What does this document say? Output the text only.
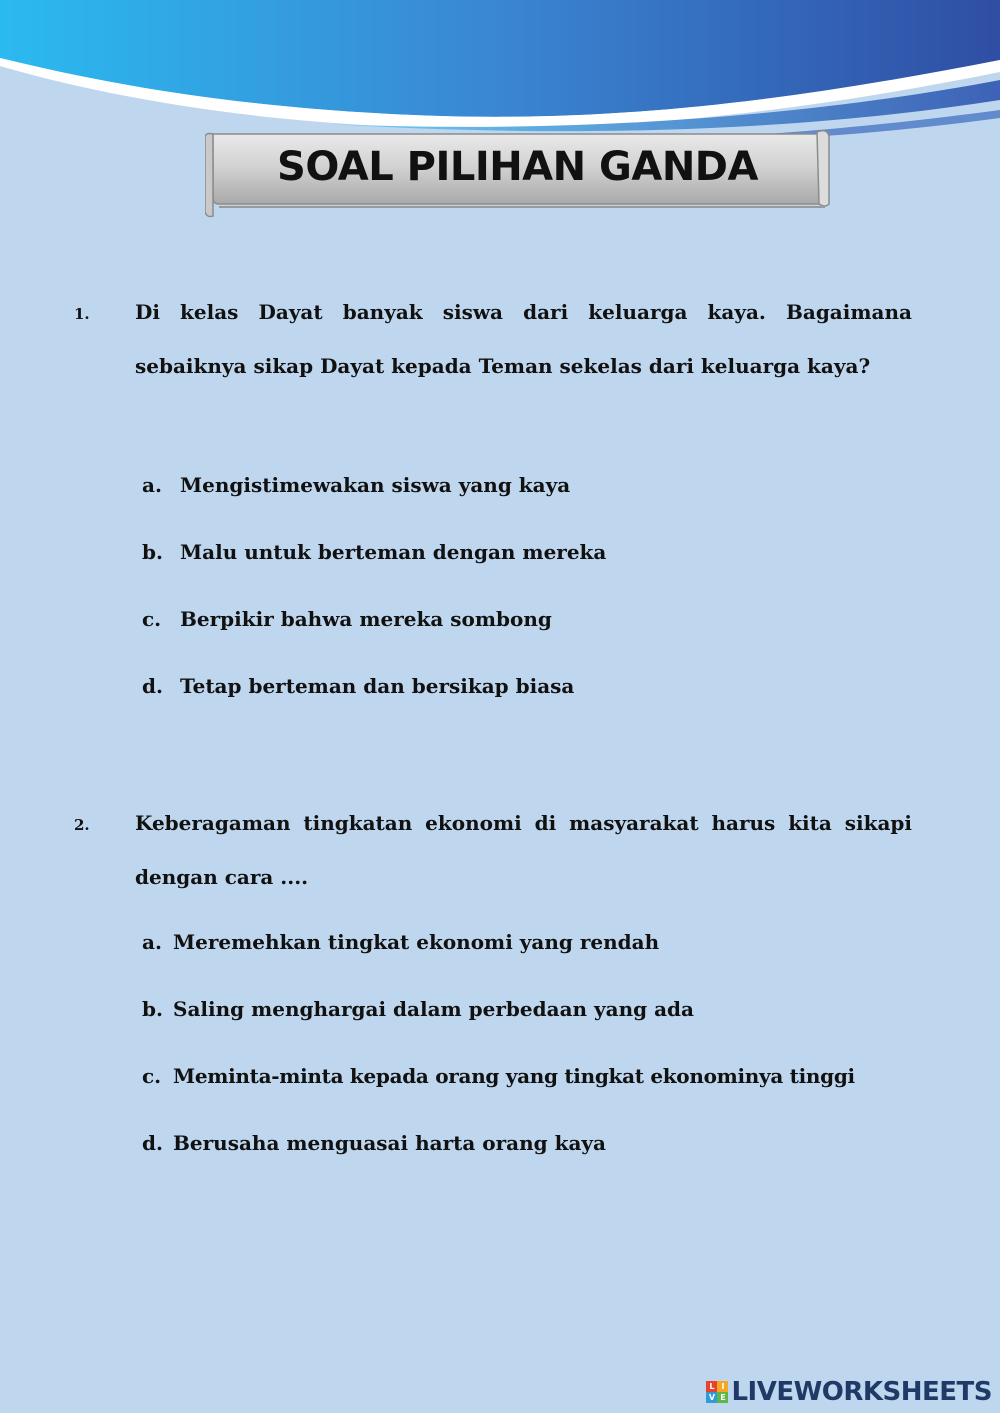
SOAL PILIHAN GANDA
1. Di kelas Dayat banyak siswa dari keluarga kaya. Bagaimana sebaiknya sikap Dayat kepada Teman sekelas dari keluarga kaya?
a. Mengistimewakan siswa yang kaya
b. Malu untuk berteman dengan mereka
c. Berpikir bahwa mereka sombong
d. Tetap berteman dan bersikap biasa
2. Keberagaman tingkatan ekonomi di masyarakat harus kita sikapi dengan cara ....
a. Meremehkan tingkat ekonomi yang rendah
b. Saling menghargai dalam perbedaan yang ada
c. Meminta-minta kepada orang yang tingkat ekonominya tinggi
d. Berusaha menguasai harta orang kaya
L I
V E LIVEWORKSHEETS
